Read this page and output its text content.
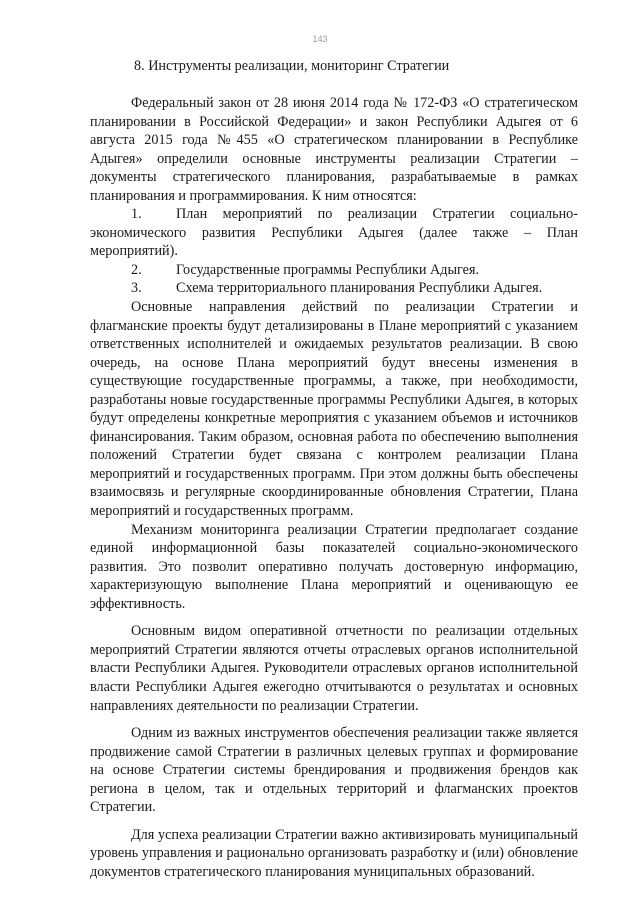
143
8. Инструменты реализации, мониторинг Стратегии

Федеральный закон от 28 июня 2014 года № 172-ФЗ «О стратегическом планировании в Российской Федерации» и закон Республики Адыгея от 6 августа 2015 года №455 «О стратегическом планировании в Республике Адыгея» определили основные инструменты реализации Стратегии – документы стратегического планирования, разрабатываемые в рамках планирования и программирования. К ним относятся:

1. План мероприятий по реализации Стратегии социально-экономического развития Республики Адыгея (далее также – План мероприятий).

2. Государственные программы Республики Адыгея.

3. Схема территориального планирования Республики Адыгея.

Основные направления действий по реализации Стратегии и флагманские проекты будут детализированы в Плане мероприятий с указанием ответственных исполнителей и ожидаемых результатов реализации. В свою очередь, на основе Плана мероприятий будут внесены изменения в существующие государственные программы, а также, при необходимости, разработаны новые государственные программы Республики Адыгея, в которых будут определены конкретные мероприятия с указанием объемов и источников финансирования. Таким образом, основная работа по обеспечению выполнения положений Стратегии будет связана с контролем реализации Плана мероприятий и государственных программ. При этом должны быть обеспечены взаимосвязь и регулярные скоординированные обновления Стратегии, Плана мероприятий и государственных программ.

Механизм мониторинга реализации Стратегии предполагает создание единой информационной базы показателей социально-экономического развития. Это позволит оперативно получать достоверную информацию, характеризующую выполнение Плана мероприятий и оценивающую ее эффективность.

Основным видом оперативной отчетности по реализации отдельных мероприятий Стратегии являются отчеты отраслевых органов исполнительной власти Республики Адыгея. Руководители отраслевых органов исполнительной власти Республики Адыгея ежегодно отчитываются о результатах и основных направлениях деятельности по реализации Стратегии.

Одним из важных инструментов обеспечения реализации также является продвижение самой Стратегии в различных целевых группах и формирование на основе Стратегии системы брендирования и продвижения брендов как региона в целом, так и отдельных территорий и флагманских проектов Стратегии.

Для успеха реализации Стратегии важно активизировать муниципальный уровень управления и рационально организовать разработку и (или) обновление документов стратегического планирования муниципальных образований.
